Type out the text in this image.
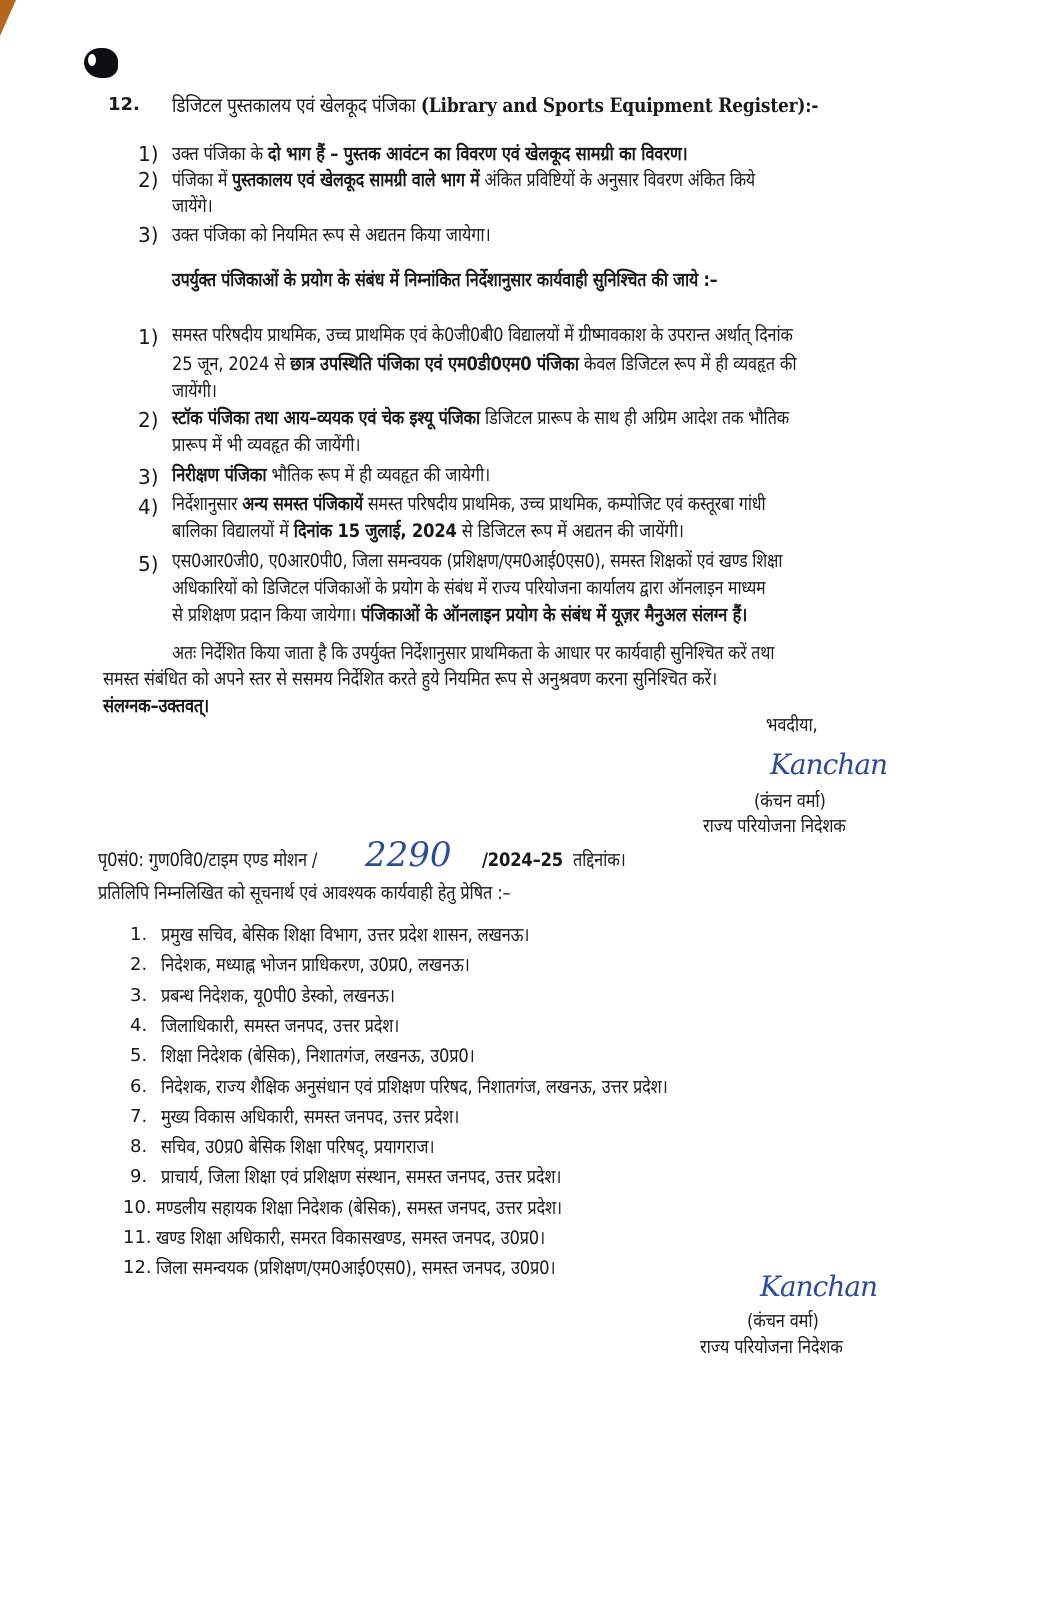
12. डिजिटल पुस्तकालय एवं खेलकूद पंजिका (Library and Sports Equipment Register):-
1) उक्त पंजिका के दो भाग हैं – पुस्तक आवंटन का विवरण एवं खेलकूद सामग्री का विवरण।
2) पंजिका में पुस्तकालय एवं खेलकूद सामग्री वाले भाग में अंकित प्रविष्टियों के अनुसार विवरण अंकित किये
जायेंगे।
3) उक्त पंजिका को नियमित रूप से अद्यतन किया जायेगा।
उपर्युक्त पंजिकाओं के प्रयोग के संबंध में निम्नांकित निर्देशानुसार कार्यवाही सुनिश्चित की जाये :–
1) समस्त परिषदीय प्राथमिक, उच्च प्राथमिक एवं के0जी0बी0 विद्यालयों में ग्रीष्मावकाश के उपरान्त अर्थात् दिनांक
25 जून, 2024 से छात्र उपस्थिति पंजिका एवं एम0डी0एम0 पंजिका केवल डिजिटल रूप में ही व्यवहृत की
जायेंगी।
2) स्टॉक पंजिका तथा आय–व्ययक एवं चेक इश्यू पंजिका डिजिटल प्रारूप के साथ ही अग्रिम आदेश तक भौतिक
प्रारूप में भी व्यवहृत की जायेंगी।
3) निरीक्षण पंजिका भौतिक रूप में ही व्यवहृत की जायेगी।
4) निर्देशानुसार अन्य समस्त पंजिकायें समस्त परिषदीय प्राथमिक, उच्च प्राथमिक, कम्पोजिट एवं कस्तूरबा गांधी
बालिका विद्यालयों में दिनांक 15 जुलाई, 2024 से डिजिटल रूप में अद्यतन की जायेंगी।
5) एस0आर0जी0, ए0आर0पी0, जिला समन्वयक (प्रशिक्षण/एम0आई0एस0), समस्त शिक्षकों एवं खण्ड शिक्षा
अधिकारियों को डिजिटल पंजिकाओं के प्रयोग के संबंध में राज्य परियोजना कार्यालय द्वारा ऑनलाइन माध्यम
से प्रशिक्षण प्रदान किया जायेगा। पंजिकाओं के ऑनलाइन प्रयोग के संबंध में यूज़र मैनुअल संलग्न हैं।
अतः निर्देशित किया जाता है कि उपर्युक्त निर्देशानुसार प्राथमिकता के आधार पर कार्यवाही सुनिश्चित करें तथा
समस्त संबंधित को अपने स्तर से ससमय निर्देशित करते हुये नियमित रूप से अनुश्रवण करना सुनिश्चित करें।
संलग्नक–उक्तवत्।
भवदीया,
Kanchan
(कंचन वर्मा)
राज्य परियोजना निदेशक
पृ0सं0: गुण0वि0/टाइम एण्ड मोशन /	2290 /2024–25 तद्दिनांक।
प्रतिलिपि निम्नलिखित को सूचनार्थ एवं आवश्यक कार्यवाही हेतु प्रेषित :–
1. प्रमुख सचिव, बेसिक शिक्षा विभाग, उत्तर प्रदेश शासन, लखनऊ।
2. निदेशक, मध्याह्न भोजन प्राधिकरण, उ0प्र0, लखनऊ।
3. प्रबन्ध निदेशक, यू0पी0 डेस्को, लखनऊ।
4. जिलाधिकारी, समस्त जनपद, उत्तर प्रदेश।
5. शिक्षा निदेशक (बेसिक), निशातगंज, लखनऊ, उ0प्र0।
6. निदेशक, राज्य शैक्षिक अनुसंधान एवं प्रशिक्षण परिषद, निशातगंज, लखनऊ, उत्तर प्रदेश।
7. मुख्य विकास अधिकारी, समस्त जनपद, उत्तर प्रदेश।
8. सचिव, उ0प्र0 बेसिक शिक्षा परिषद्, प्रयागराज।
9. प्राचार्य, जिला शिक्षा एवं प्रशिक्षण संस्थान, समस्त जनपद, उत्तर प्रदेश।
10. मण्डलीय सहायक शिक्षा निदेशक (बेसिक), समस्त जनपद, उत्तर प्रदेश।
11. खण्ड शिक्षा अधिकारी, समरत विकासखण्ड, समस्त जनपद, उ0प्र0।
12. जिला समन्वयक (प्रशिक्षण/एम0आई0एस0), समस्त जनपद, उ0प्र0।
Kanchan
(कंचन वर्मा)
राज्य परियोजना निदेशक
